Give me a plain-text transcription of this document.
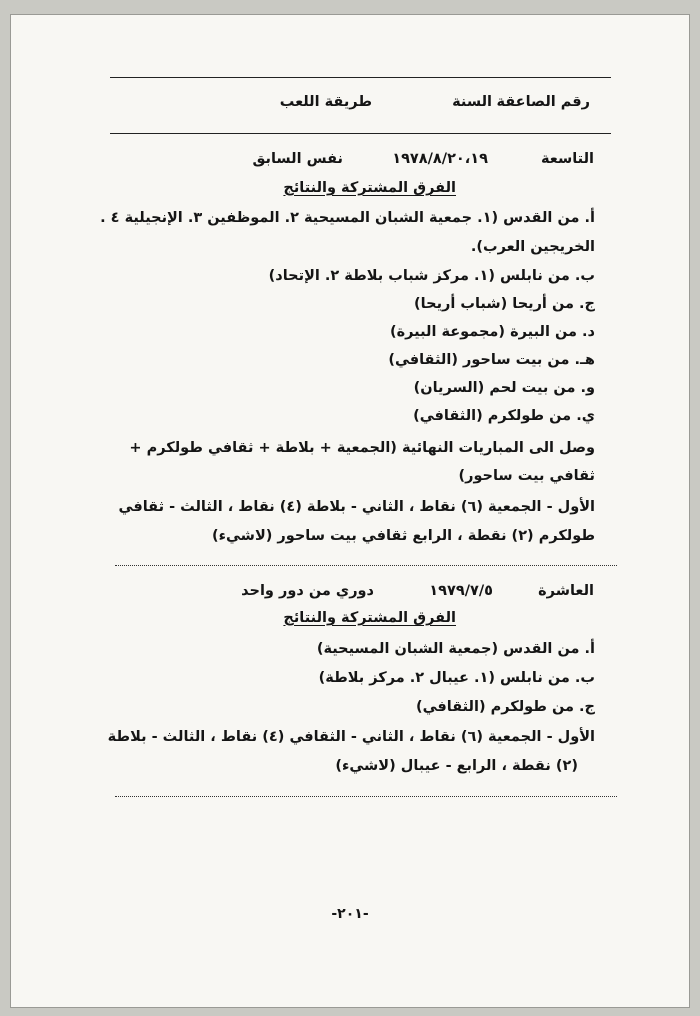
رقم الصاعقة
السنة
طريقة اللعب
التاسعة
١٩٧٨/٨/٢٠،١٩
نفس السابق
الفرق المشتركة والنتائج
أ. من القدس (١. جمعية الشبان المسيحية ٢. الموظفين ٣. الإنجيلية ٤ .
الخريجين العرب).
ب. من نابلس (١. مركز شباب بلاطة ٢. الإتحاد)
ج. من أريحا (شباب أريحا)
د. من البيرة (مجموعة البيرة)
هـ. من بيت ساحور (الثقافي)
و. من بيت لحم (السريان)
ي. من طولكرم (الثقافي)
وصل الى المباريات النهائية (الجمعية + بلاطة + ثقافي طولكرم +
ثقافي بيت ساحور)
الأول - الجمعية (٦) نقاط ، الثاني - بلاطة (٤) نقاط ، الثالث - ثقافي
طولكرم (٢) نقطة ، الرابع ثقافي بيت ساحور (لاشيء)
العاشرة
١٩٧٩/٧/٥
دوري من دور واحد
الفرق المشتركة والنتائج
أ. من القدس (جمعية الشبان المسيحية)
ب. من نابلس (١. عيبال ٢. مركز بلاطة)
ج. من طولكرم (الثقافي)
الأول - الجمعية (٦) نقاط ، الثاني - الثقافي (٤) نقاط ، الثالث - بلاطة
(٢) نقطة ، الرابع - عيبال (لاشيء)
-٢٠١-
